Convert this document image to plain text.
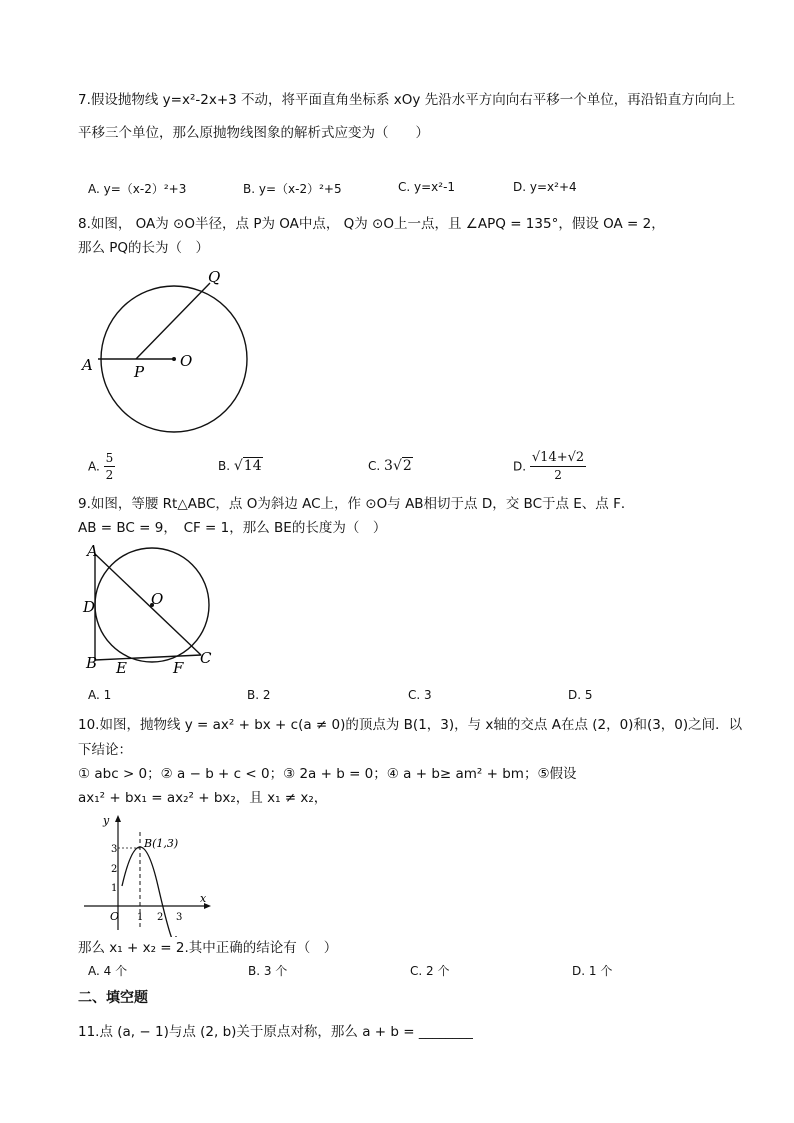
7.假设抛物线 y=x²-2x+3 不动，将平面直角坐标系 xOy 先沿水平方向向右平移一个单位，再沿铅直方向向上
平移三个单位，那么原抛物线图象的解析式应变为（　　）
A. y=（x-2）²+3	B. y=（x-2）²+5	C. y=x²-1	D. y=x²+4
8.如图， OA为 ⊙O半径，点 P为 OA中点， Q为 ⊙O上一点，且 ∠APQ = 135°，假设 OA = 2，
那么 PQ的长为（　）
A	P
O
Q
A. $\frac{5}{2}$	B. √14	C. 3√2	D. $\frac{√14+√2}{2}$
9.如图，等腰 Rt△ABC，点 O为斜边 AC上，作 ⊙O与 AB相切于点 D，交 BC于点 E、点 F．
AB = BC = 9，　CF = 1，那么 BE的长度为（　）
A
D	O
B E	F
C
A. 1	B. 2	C. 3	D. 5
10.如图，抛物线 y = ax² + bx + c(a ≠ 0)的顶点为 B(1，3)，与 x轴的交点 A在点 (2，0)和(3，0)之间．以
下结论：
① abc > 0；② a − b + c < 0；③ 2a + b = 0；④ a + b≥ am² + bm；⑤假设
ax₁² + bx₁ = ax₂² + bx₂，且 x₁ ≠ x₂，
y
x
O
B(1,3)
1 2 3
1
2
3
那么 x₁ + x₂ = 2.其中正确的结论有（　）
A. 4 个	B. 3 个	C. 2 个	D. 1 个
二、填空题
11.点 (a, − 1)与点 (2, b)关于原点对称，那么 a + b = ________
